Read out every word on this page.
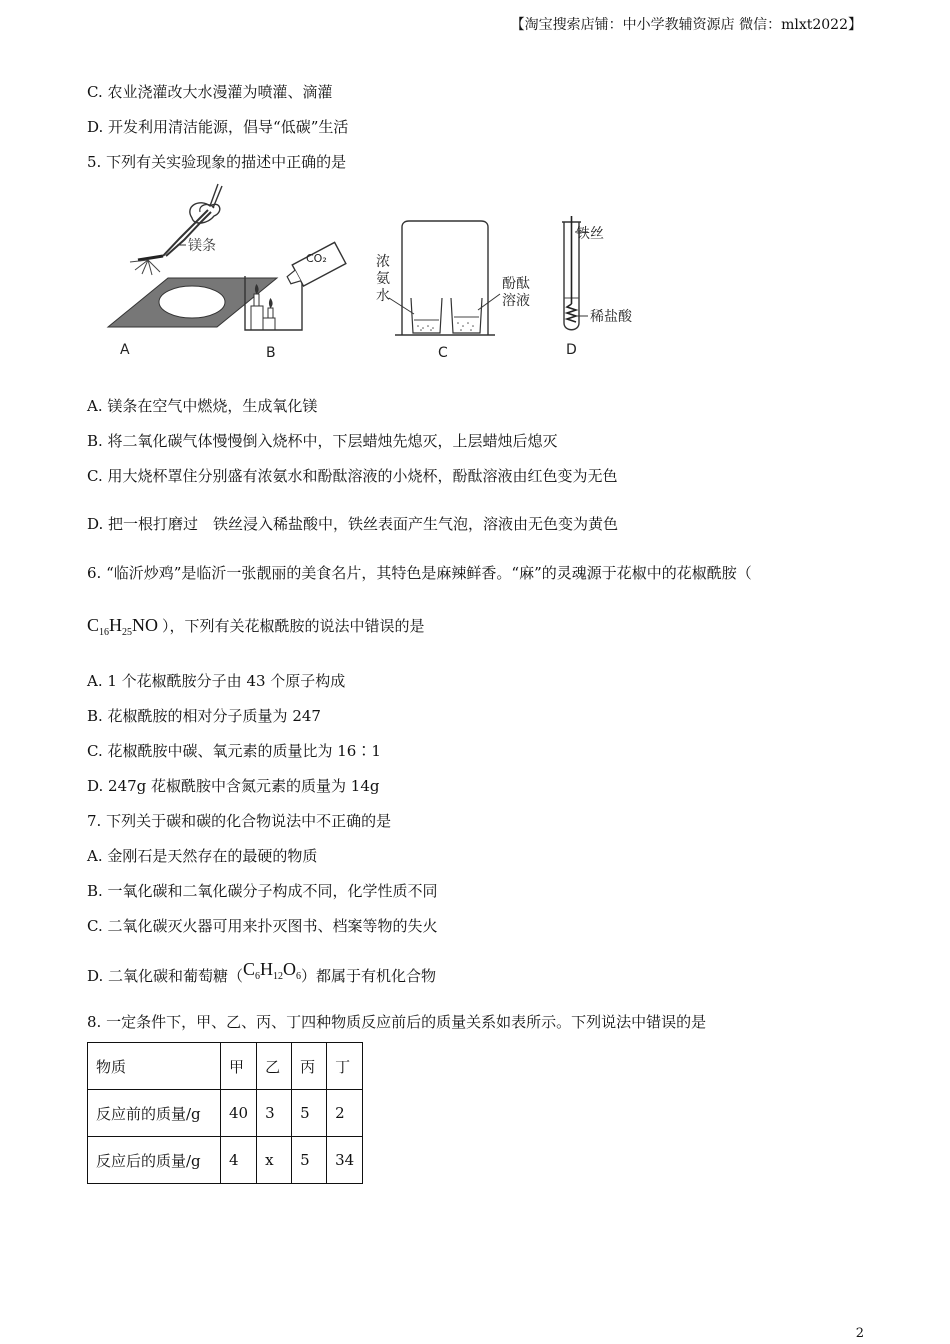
【淘宝搜索店铺：中小学教辅资源店 微信：mlxt2022】
C. 农业浇灌改大水漫灌为喷灌、滴灌
D. 开发利用清洁能源，倡导“低碳”生活
5. 下列有关实验现象的描述中正确的是
镁条
A
CO₂
B
浓
氨
水
酚酞
溶液
C
铁丝
稀盐酸
D
A. 镁条在空气中燃烧，生成氧化镁
B. 将二氧化碳气体慢慢倒入烧杯中，下层蜡烛先熄灭，上层蜡烛后熄灭
C. 用大烧杯罩住分别盛有浓氨水和酚酞溶液的小烧杯，酚酞溶液由红色变为无色
D. 把一根打磨过　铁丝浸入稀盐酸中，铁丝表面产生气泡，溶液由无色变为黄色
6. “临沂炒鸡”是临沂一张靓丽的美食名片，其特色是麻辣鲜香。“麻”的灵魂源于花椒中的花椒酰胺（
$C_{16}H_{25}NO$ ），下列有关花椒酰胺的说法中错误的是
A. 1 个花椒酰胺分子由 43 个原子构成
B. 花椒酰胺的相对分子质量为 247
C. 花椒酰胺中碳、氧元素的质量比为 16∶1
D. 247g 花椒酰胺中含氮元素的质量为 14g
7. 下列关于碳和碳的化合物说法中不正确的是
A. 金刚石是天然存在的最硬的物质
B. 一氧化碳和二氧化碳分子构成不同，化学性质不同
C. 二氧化碳灭火器可用来扑灭图书、档案等物的失火
D. 二氧化碳和葡萄糖$(C_6H_{12}O_6)$都属于有机化合物
8. 一定条件下，甲、乙、丙、丁四种物质反应前后的质量关系如表所示。下列说法中错误的是
物质	甲	乙	丙	丁
反应前的质量/g	40	3	5	2
反应后的质量/g	4	x	5	34
2
